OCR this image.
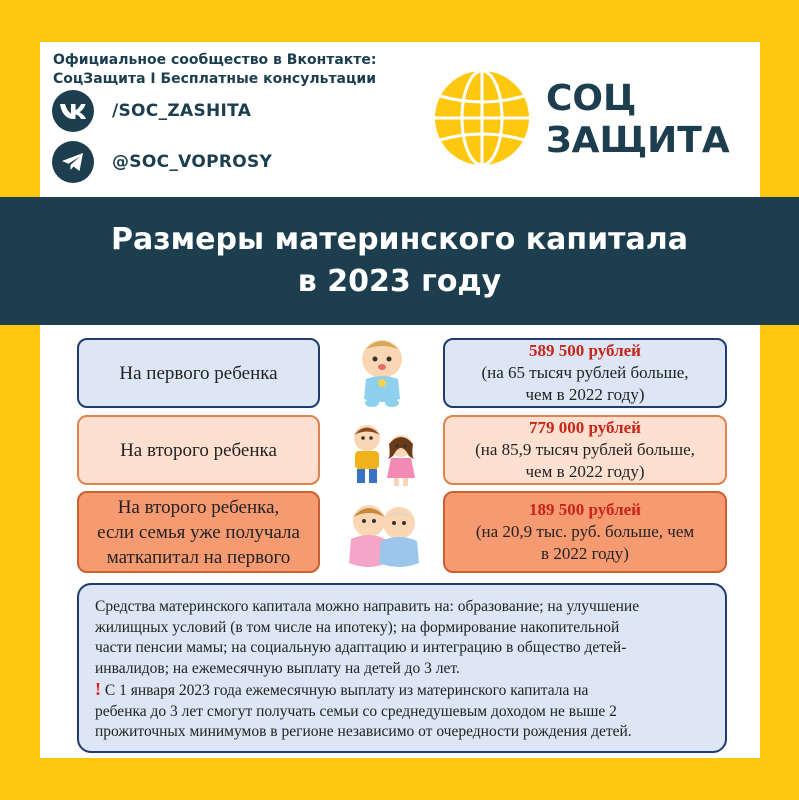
Официальное сообщество в Вконтакте:
СоцЗащита I Бесплатные консультации
/SOC_ZASHITA
@SOC_VOPROSY
СОЦ
ЗАЩИТА
Размеры материнского капитала
в 2023 году
На первого ребенка
589 500 рублей
(на 65 тысяч рублей больше,
чем в 2022 году)
На второго ребенка
779 000 рублей
(на 85,9 тысяч рублей больше,
чем в 2022 году)
На второго ребенка,
если семья уже получала
маткапитал на первого
189 500 рублей
(на 20,9 тыс. руб. больше, чем
в 2022 году)

Средства материнского капитала можно направить на: образование; на улучшение

жилищных условий (в том числе на ипотеку); на формирование накопительной

части пенсии мамы; на социальную адаптацию и интеграцию в общество детей-

инвалидов; на ежемесячную выплату на детей до 3 лет.

! С 1 января 2023 года ежемесячную выплату из материнского капитала на

ребенка до 3 лет смогут получать семьи со среднедушевым доходом не выше 2

прожиточных минимумов в регионе независимо от очередности рождения детей.
